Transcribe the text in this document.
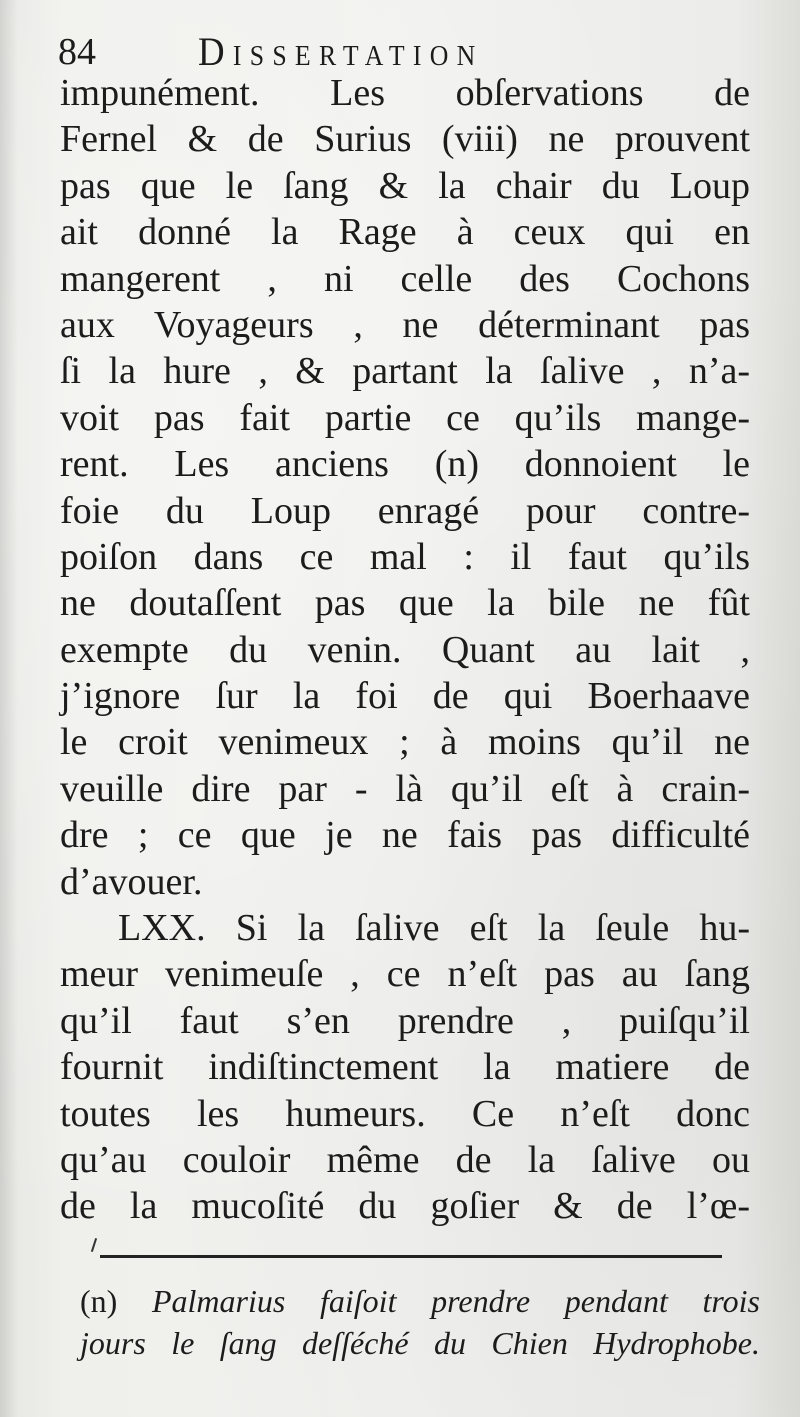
84	Dissertation
impunément. Les obſervations de
Fernel & de Surius (viii) ne prouvent
pas que le ſang & la chair du Loup
ait donné la Rage à ceux qui en
mangerent , ni celle des Cochons
aux Voyageurs , ne déterminant pas
ſi la hure , & partant la ſalive , n’a-
voit pas fait partie ce qu’ils mange-
rent. Les anciens (n) donnoient le
foie du Loup enragé pour contre-
poiſon dans ce mal : il faut qu’ils
ne doutaſſent pas que la bile ne fût
exempte du venin. Quant au lait ,
j’ignore ſur la foi de qui Boerhaave
le croit venimeux ; à moins qu’il ne
veuille dire par - là qu’il eſt à crain-
dre ; ce que je ne fais pas difficulté
d’avouer.
LXX. Si la ſalive eſt la ſeule hu-
meur venimeuſe , ce n’eſt pas au ſang
qu’il faut s’en prendre , puiſqu’il
fournit indiſtinctement la matiere de
toutes les humeurs. Ce n’eſt donc
qu’au couloir même de la ſalive ou
de la mucoſité du goſier & de l’œ-
(n) Palmarius faiſoit prendre pendant trois
jours le ſang deſſéché du Chien Hydrophobe.
